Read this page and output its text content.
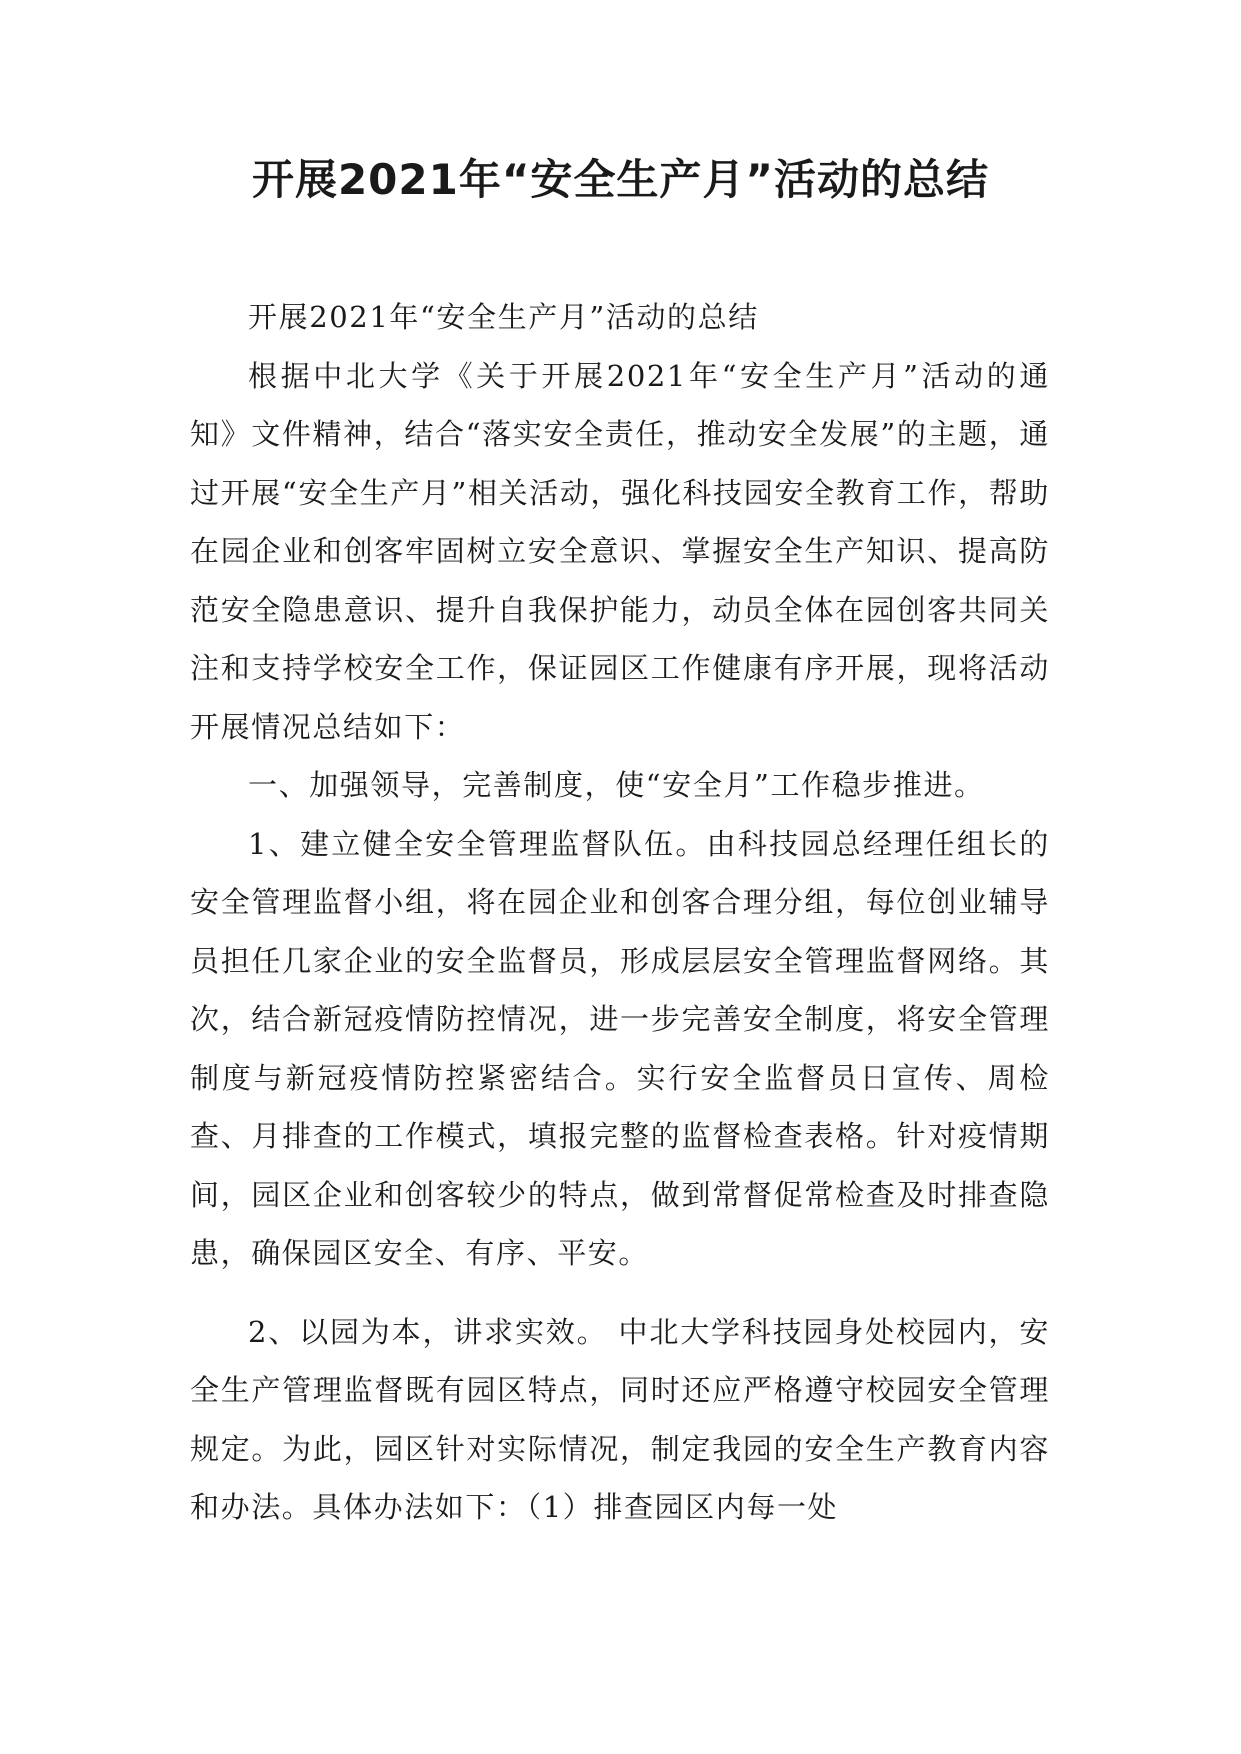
开展2021年“安全生产月”活动的总结

开展2021年“安全生产月”活动的总结

根据中北大学《关于开展2021年“安全生产月”活动的通知》文件精神，结合“落实安全责任，推动安全发展”的主题，通过开展“安全生产月”相关活动，强化科技园安全教育工作，帮助在园企业和创客牢固树立安全意识、掌握安全生产知识、提高防范安全隐患意识、提升自我保护能力，动员全体在园创客共同关注和支持学校安全工作，保证园区工作健康有序开展，现将活动开展情况总结如下：

一、加强领导，完善制度，使“安全月”工作稳步推进。

1、建立健全安全管理监督队伍。由科技园总经理任组长的安全管理监督小组，将在园企业和创客合理分组，每位创业辅导员担任几家企业的安全监督员，形成层层安全管理监督网络。其次，结合新冠疫情防控情况，进一步完善安全制度，将安全管理制度与新冠疫情防控紧密结合。实行安全监督员日宣传、周检查、月排查的工作模式，填报完整的监督检查表格。针对疫情期间，园区企业和创客较少的特点，做到常督促常检查及时排查隐患，确保园区安全、有序、平安。

2、以园为本，讲求实效。 中北大学科技园身处校园内，安全生产管理监督既有园区特点，同时还应严格遵守校园安全管理规定。为此，园区针对实际情况，制定我园的安全生产教育内容和办法。具体办法如下：（1）排查园区内每一处
